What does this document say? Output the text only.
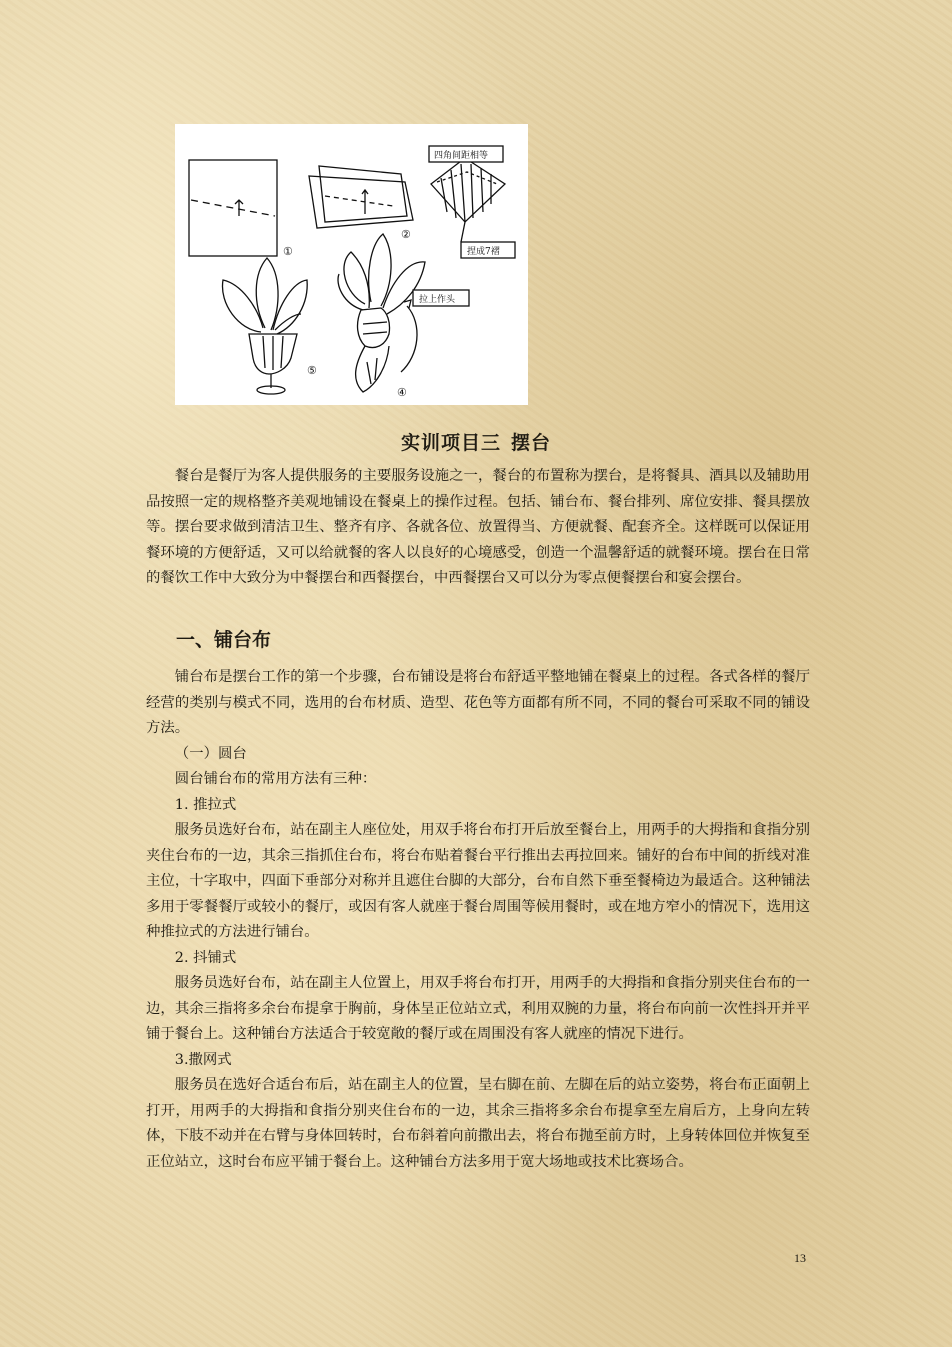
①
②
四角间距相等
捏成7褶
拉上作头
④
⑤
实训项目三 摆台

餐台是餐厅为客人提供服务的主要服务设施之一，餐台的布置称为摆台，是将餐具、酒具以及辅助用品按照一定的规格整齐美观地铺设在餐桌上的操作过程。包括、铺台布、餐台排列、席位安排、餐具摆放等。摆台要求做到清洁卫生、整齐有序、各就各位、放置得当、方便就餐、配套齐全。这样既可以保证用餐环境的方便舒适，又可以给就餐的客人以良好的心境感受，创造一个温馨舒适的就餐环境。摆台在日常的餐饮工作中大致分为中餐摆台和西餐摆台，中西餐摆台又可以分为零点便餐摆台和宴会摆台。

一、铺台布

铺台布是摆台工作的第一个步骤，台布铺设是将台布舒适平整地铺在餐桌上的过程。各式各样的餐厅经营的类别与模式不同，选用的台布材质、造型、花色等方面都有所不同，不同的餐台可采取不同的铺设方法。

（一）圆台

圆台铺台布的常用方法有三种：

1. 推拉式

服务员选好台布，站在副主人座位处，用双手将台布打开后放至餐台上，用两手的大拇指和食指分别夹住台布的一边，其余三指抓住台布，将台布贴着餐台平行推出去再拉回来。铺好的台布中间的折线对准主位，十字取中，四面下垂部分对称并且遮住台脚的大部分，台布自然下垂至餐椅边为最适合。这种铺法多用于零餐餐厅或较小的餐厅，或因有客人就座于餐台周围等候用餐时，或在地方窄小的情况下，选用这种推拉式的方法进行铺台。

2. 抖铺式

服务员选好台布，站在副主人位置上，用双手将台布打开，用两手的大拇指和食指分别夹住台布的一边，其余三指将多余台布提拿于胸前，身体呈正位站立式，利用双腕的力量，将台布向前一次性抖开并平铺于餐台上。这种铺台方法适合于较宽敞的餐厅或在周围没有客人就座的情况下进行。

3.撒网式

服务员在选好合适台布后，站在副主人的位置，呈右脚在前、左脚在后的站立姿势，将台布正面朝上打开，用两手的大拇指和食指分别夹住台布的一边，其余三指将多余台布提拿至左肩后方，上身向左转体，下肢不动并在右臂与身体回转时，台布斜着向前撒出去，将台布抛至前方时，上身转体回位并恢复至正位站立，这时台布应平铺于餐台上。这种铺台方法多用于宽大场地或技术比赛场合。

13
